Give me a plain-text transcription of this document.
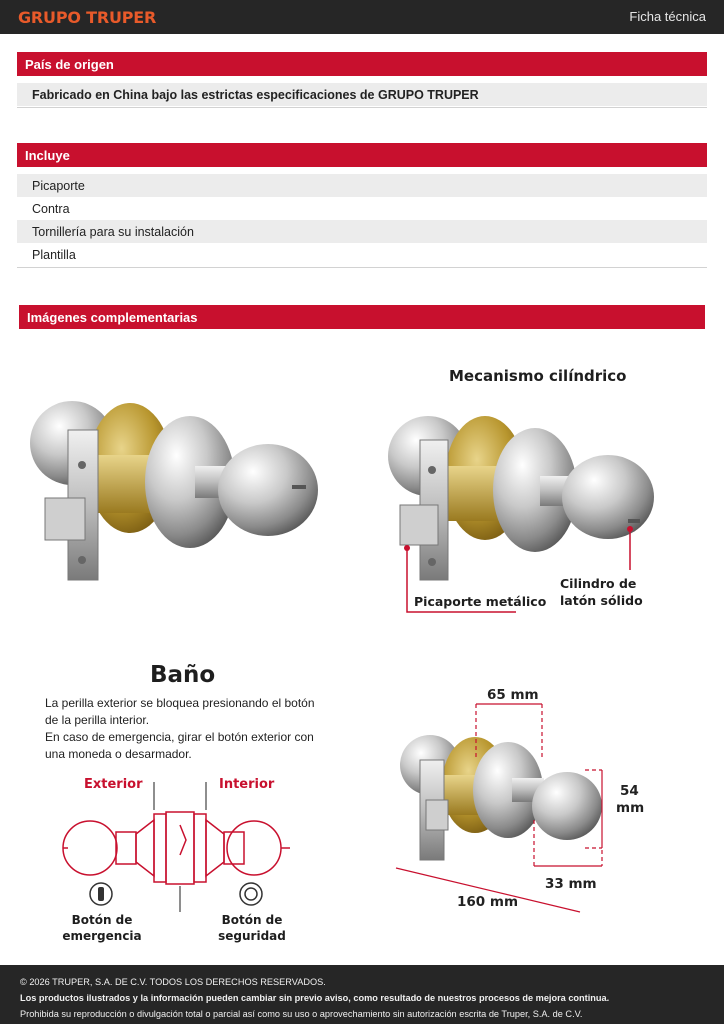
GRUPO TRUPER	Ficha técnica
País de origen
Fabricado en China bajo las estrictas especificaciones de GRUPO TRUPER
Incluye
Picaporte
Contra
Tornillería para su instalación
Plantilla
Imágenes complementarias
Mecanismo cilíndrico
Picaporte metálico
Cilindro de
latón sólido
Baño
La perilla exterior se bloquea presionando el botón de la perilla interior.
En caso de emergencia, girar el botón exterior con una moneda o desarmador.
Exterior	Interior
Botón de
emergencia
Botón de
seguridad
65 mm
54
mm
33 mm
160 mm
© 2026 TRUPER, S.A. DE C.V. TODOS LOS DERECHOS RESERVADOS.
Los productos ilustrados y la información pueden cambiar sin previo aviso, como resultado de nuestros procesos de mejora continua.
Prohibida su reproducción o divulgación total o parcial así como su uso o aprovechamiento sin autorización escrita de Truper, S.A. de C.V.
